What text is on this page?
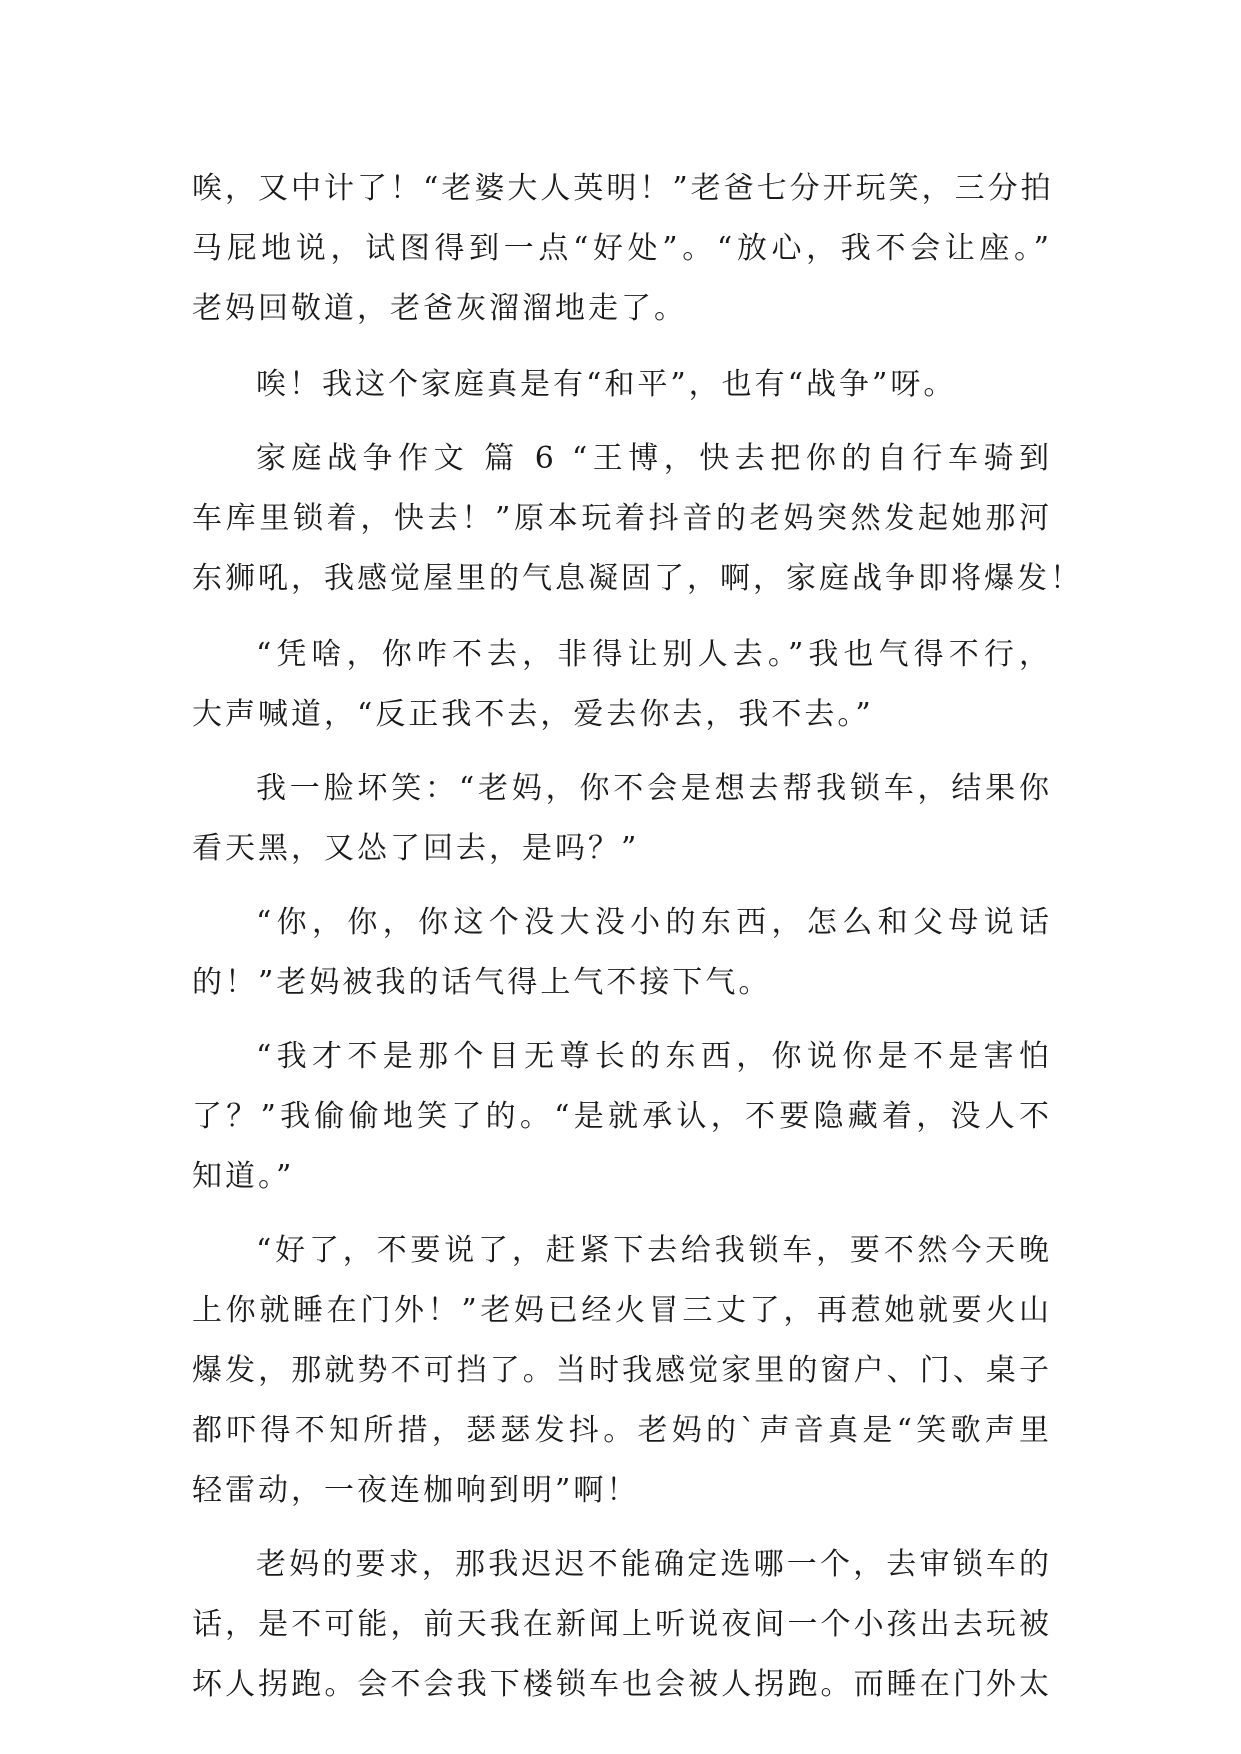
唉，又中计了！“老婆大人英明！”老爸七分开玩笑，三分拍
马屁地说，试图得到一点“好处”。“放心，我不会让座。”
老妈回敬道，老爸灰溜溜地走了。
唉！我这个家庭真是有“和平”，也有“战争”呀。
家庭战争作文 篇 6 “王博，快去把你的自行车骑到
车库里锁着，快去！”原本玩着抖音的老妈突然发起她那河
东狮吼，我感觉屋里的气息凝固了，啊，家庭战争即将爆发！
“凭啥，你咋不去，非得让别人去。”我也气得不行，
大声喊道，“反正我不去，爱去你去，我不去。”
我一脸坏笑：“老妈，你不会是想去帮我锁车，结果你
看天黑，又怂了回去，是吗？”
“你，你，你这个没大没小的东西，怎么和父母说话
的！”老妈被我的话气得上气不接下气。
“我才不是那个目无尊长的东西，你说你是不是害怕
了？”我偷偷地笑了的。“是就承认，不要隐藏着，没人不
知道。”
“好了，不要说了，赶紧下去给我锁车，要不然今天晚
上你就睡在门外！”老妈已经火冒三丈了，再惹她就要火山
爆发，那就势不可挡了。当时我感觉家里的窗户、门、桌子
都吓得不知所措，瑟瑟发抖。老妈的`声音真是“笑歌声里
轻雷动，一夜连枷响到明”啊！
老妈的要求，那我迟迟不能确定选哪一个，去审锁车的
话，是不可能，前天我在新闻上听说夜间一个小孩出去玩被
坏人拐跑。会不会我下楼锁车也会被人拐跑。而睡在门外太
